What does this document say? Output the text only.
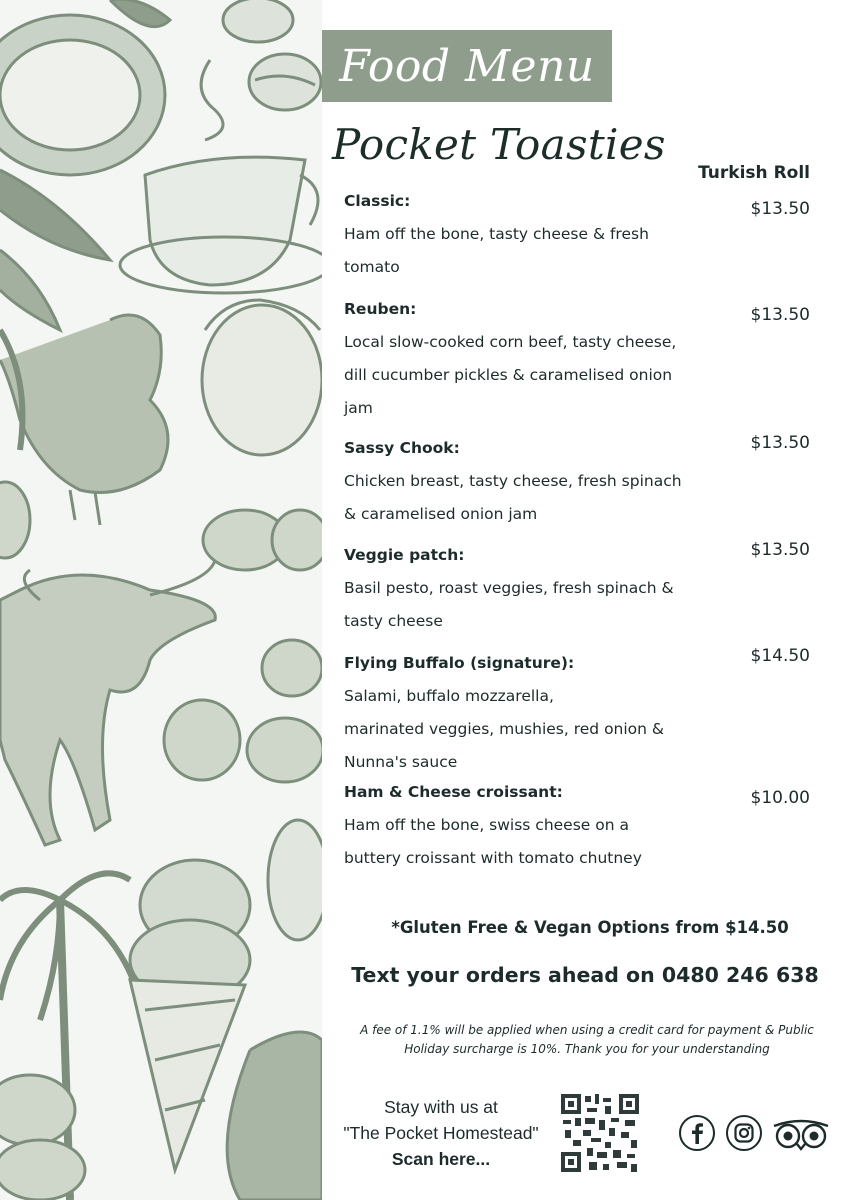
Food Menu
Pocket Toasties
Turkish Roll
Classic:
Ham off the bone, tasty cheese & fresh
tomato
$13.50
Reuben:
Local slow-cooked corn beef, tasty cheese,
dill cucumber pickles & caramelised onion
jam
$13.50
Sassy Chook:
Chicken breast, tasty cheese, fresh spinach
& caramelised onion jam
$13.50
Veggie patch:
Basil pesto, roast veggies, fresh spinach &
tasty cheese
$13.50
Flying Buffalo (signature):
Salami, buffalo mozzarella,
marinated veggies, mushies, red onion &
Nunna's sauce
$14.50
Ham & Cheese croissant:
Ham off the bone, swiss cheese on a
buttery croissant with tomato chutney
$10.00
*Gluten Free & Vegan Options from $14.50
Text your orders ahead on 0480 246 638
A fee of 1.1% will be applied when using a credit card for payment & Public
Holiday surcharge is 10%. Thank you for your understanding
Stay with us at
"The Pocket Homestead"
Scan here...
